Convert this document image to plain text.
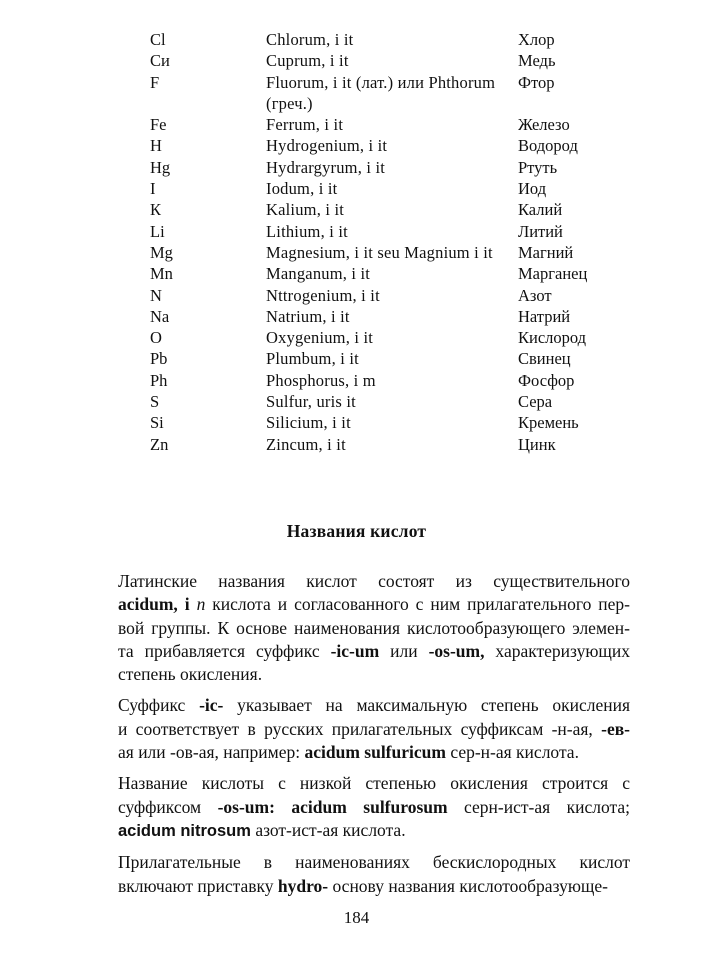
Cl	Chlorum, i it	Хлор
Cи	Cuprum, i it	Медь
F	Fluorum, i it (лат.) или Phthorum (греч.)	Фтор
Fe	Ferrum, i it	Железо
H	Hydrogenium, i it	Водород
Hg	Hydrargyrum, i it	Ртуть
I	Iodum, i it	Иод
К	Kalium, i it	Калий
Li	Lithium, i it	Литий
Mg	Magnesium, i it seu Magnium i it	Магний
Mn	Manganum, i it	Марганец
N	Nttrogenium, i it	Азот
Na	Natrium, i it	Натрий
O	Oxygenium, i it	Кислород
Pb	Plumbum, i it	Свинец
Ph	Phosphorus, i m	Фосфор
S	Sulfur, uris it	Сера
Si	Silicium, i it	Кремень
Zn	Zincum, i it	Цинк
Названия кислот

Латинские названия кислот состоят из существительного
acidum, i n кислота и согласованного с ним прилагательного пер-
вой группы. К основе наименования кислотообразующего элемен-
та прибавляется суффикс -ic-um или -os-um, характеризующих
степень окисления.

Суффикс -ic- указывает на максимальную степень окисления
и соответствует в русских прилагательных суффиксам -н-ая, -ев-
ая или -ов-ая, например: acidum sulfuricum сер-н-ая кислота.

Название кислоты с низкой степенью окисления строится с
суффиксом -os-um: acidum sulfurosum серн-ист-ая кислота;
acidum nitrosum азот-ист-ая кислота.

Прилагательные в наименованиях бескислородных кислот
включают приставку hydro- основу названия кислотообразующе-

184
